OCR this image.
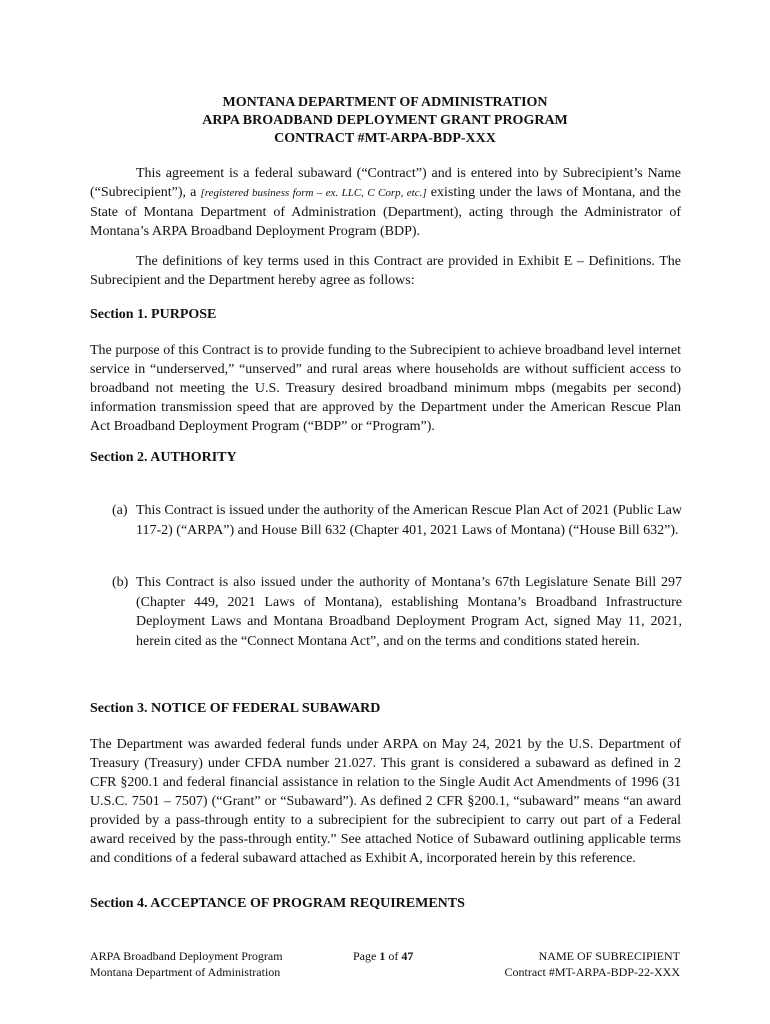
MONTANA DEPARTMENT OF ADMINISTRATION
ARPA BROADBAND DEPLOYMENT GRANT PROGRAM
CONTRACT #MT-ARPA-BDP-XXX
This agreement is a federal subaward (“Contract”) and is entered into by Subrecipient’s Name (“Subrecipient”), a [registered business form – ex. LLC, C Corp, etc.] existing under the laws of Montana, and the State of Montana Department of Administration (Department), acting through the Administrator of Montana’s ARPA Broadband Deployment Program (BDP).
The definitions of key terms used in this Contract are provided in Exhibit E – Definitions. The Subrecipient and the Department hereby agree as follows:
Section 1. PURPOSE
The purpose of this Contract is to provide funding to the Subrecipient to achieve broadband level internet service in “underserved,” “unserved” and rural areas where households are without sufficient access to broadband not meeting the U.S. Treasury desired broadband minimum mbps (megabits per second) information transmission speed that are approved by the Department under the American Rescue Plan Act Broadband Deployment Program (“BDP” or “Program”).
Section 2. AUTHORITY
(a) This Contract is issued under the authority of the American Rescue Plan Act of 2021 (Public Law 117-2) (“ARPA”) and House Bill 632 (Chapter 401, 2021 Laws of Montana) (“House Bill 632”).
(b) This Contract is also issued under the authority of Montana’s 67th Legislature Senate Bill 297 (Chapter 449, 2021 Laws of Montana), establishing Montana’s Broadband Infrastructure Deployment Laws and Montana Broadband Deployment Program Act, signed May 11, 2021, herein cited as the “Connect Montana Act”, and on the terms and conditions stated herein.
Section 3. NOTICE OF FEDERAL SUBAWARD
The Department was awarded federal funds under ARPA on May 24, 2021 by the U.S. Department of Treasury (Treasury) under CFDA number 21.027. This grant is considered a subaward as defined in 2 CFR §200.1 and federal financial assistance in relation to the Single Audit Act Amendments of 1996 (31 U.S.C. 7501 – 7507) (“Grant” or “Subaward”). As defined 2 CFR §200.1, “subaward” means “an award provided by a pass-through entity to a subrecipient for the subrecipient to carry out part of a Federal award received by the pass-through entity.” See attached Notice of Subaward outlining applicable terms and conditions of a federal subaward attached as Exhibit A, incorporated herein by this reference.
Section 4. ACCEPTANCE OF PROGRAM REQUIREMENTS
ARPA Broadband Deployment Program
Montana Department of Administration
Page 1 of 47	NAME OF SUBRECIPIENT
Contract #MT-ARPA-BDP-22-XXX
